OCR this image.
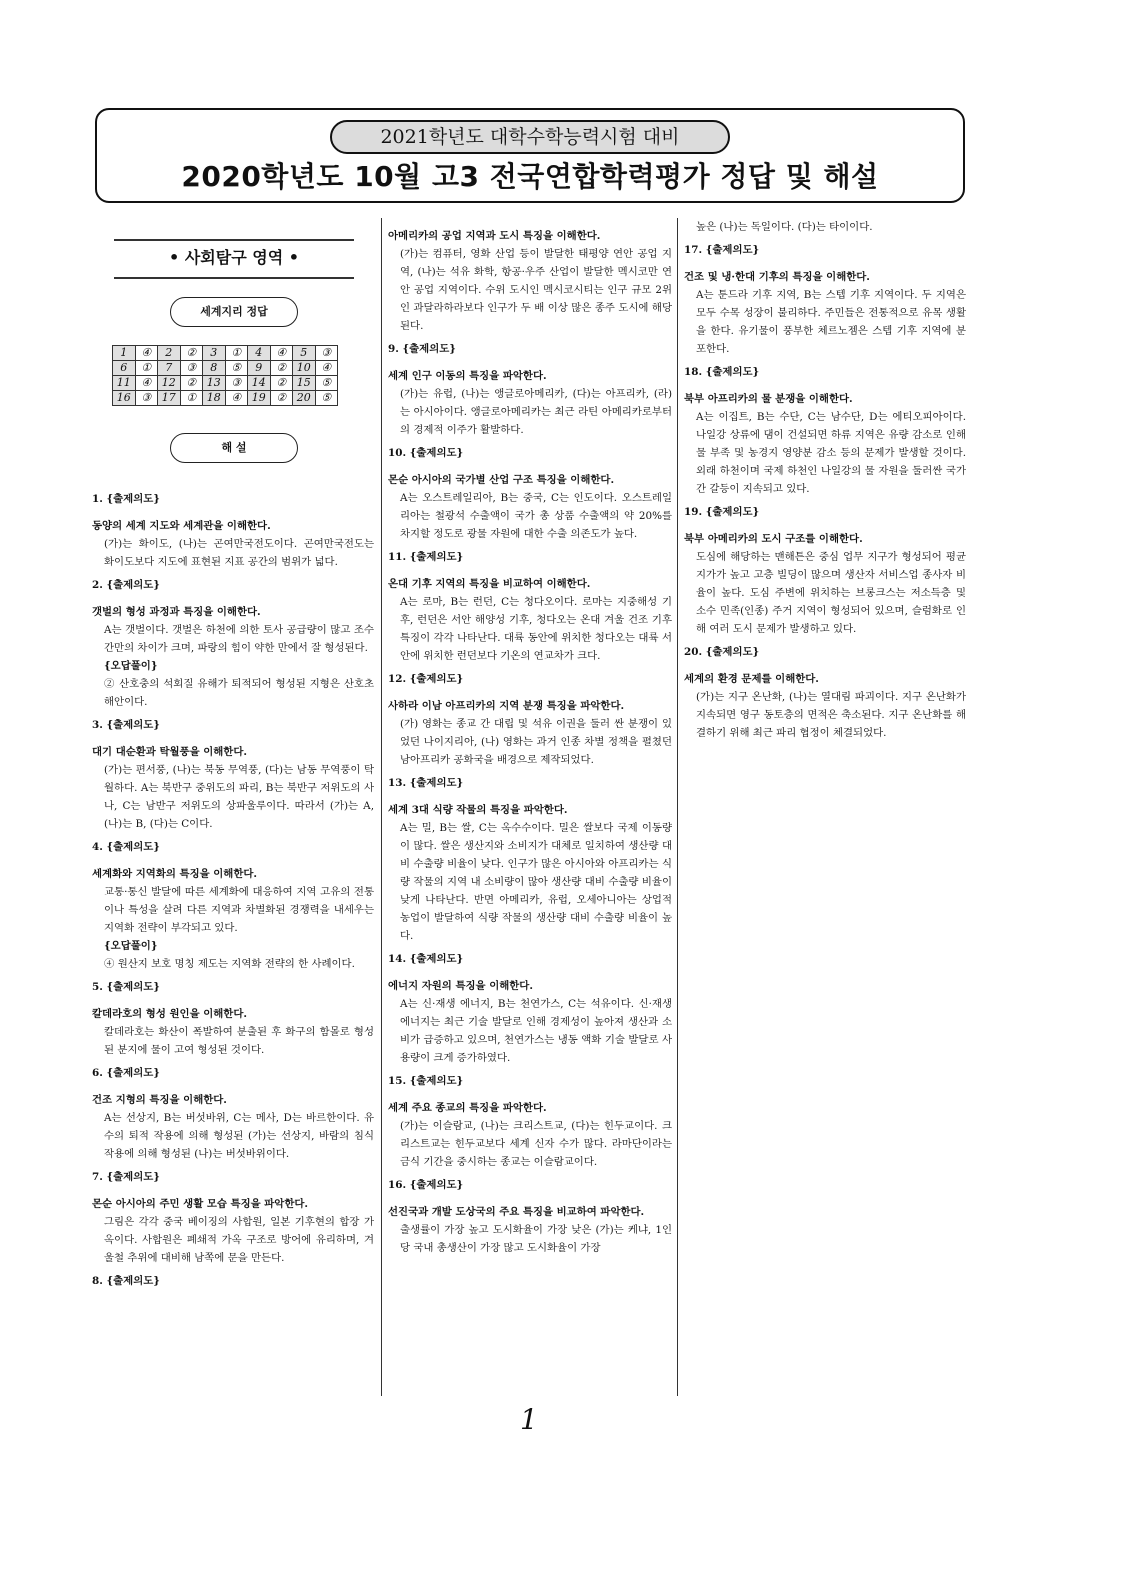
2021학년도 대학수학능력시험 대비
2020학년도 10월 고3 전국연합학력평가 정답 및 해설
• 사회탐구 영역 •
세계지리 정답
1	④	2	②	3	①	4	④	5	③
6	①	7	③	8	⑤	9	②	10	④
11	④	12	②	13	③	14	②	15	⑤
16	③	17	①	18	④	19	②	20	⑤
해 설
1. {출제의도}
동양의 세계 지도와 세계관을 이해한다.
(가)는 화이도, (나)는 곤여만국전도이다. 곤여만국전도는 화이도보다 지도에 표현된 지표 공간의 범위가 넓다.
2. {출제의도}
갯벌의 형성 과정과 특징을 이해한다.
A는 갯벌이다. 갯벌은 하천에 의한 토사 공급량이 많고 조수 간만의 차이가 크며, 파랑의 힘이 약한 만에서 잘 형성된다.
{오답풀이}
② 산호충의 석회질 유해가 퇴적되어 형성된 지형은 산호초 해안이다.
3. {출제의도}
대기 대순환과 탁월풍을 이해한다.
(가)는 편서풍, (나)는 북동 무역풍, (다)는 남동 무역풍이 탁월하다. A는 북반구 중위도의 파리, B는 북반구 저위도의 사나, C는 남반구 저위도의 상파울루이다. 따라서 (가)는 A, (나)는 B, (다)는 C이다.
4. {출제의도}
세계화와 지역화의 특징을 이해한다.
교통·통신 발달에 따른 세계화에 대응하여 지역 고유의 전통이나 특성을 살려 다른 지역과 차별화된 경쟁력을 내세우는 지역화 전략이 부각되고 있다.
{오답풀이}
④ 원산지 보호 명칭 제도는 지역화 전략의 한 사례이다.
5. {출제의도}
칼데라호의 형성 원인을 이해한다.
칼데라호는 화산이 폭발하여 분출된 후 화구의 함몰로 형성된 분지에 물이 고여 형성된 것이다.
6. {출제의도}
건조 지형의 특징을 이해한다.
A는 선상지, B는 버섯바위, C는 메사, D는 바르한이다. 유수의 퇴적 작용에 의해 형성된 (가)는 선상지, 바람의 침식 작용에 의해 형성된 (나)는 버섯바위이다.
7. {출제의도}
몬순 아시아의 주민 생활 모습 특징을 파악한다.
그림은 각각 중국 베이징의 사합원, 일본 기후현의 합장 가옥이다. 사합원은 폐쇄적 가옥 구조로 방어에 유리하며, 겨울철 추위에 대비해 남쪽에 문을 만든다.
8. {출제의도}
아메리카의 공업 지역과 도시 특징을 이해한다.
(가)는 컴퓨터, 영화 산업 등이 발달한 태평양 연안 공업 지역, (나)는 석유 화학, 항공·우주 산업이 발달한 멕시코만 연안 공업 지역이다. 수위 도시인 멕시코시티는 인구 규모 2위인 과달라하라보다 인구가 두 배 이상 많은 종주 도시에 해당된다.
9. {출제의도}
세계 인구 이동의 특징을 파악한다.
(가)는 유럽, (나)는 앵글로아메리카, (다)는 아프리카, (라)는 아시아이다. 앵글로아메리카는 최근 라틴 아메리카로부터의 경제적 이주가 활발하다.
10. {출제의도}
몬순 아시아의 국가별 산업 구조 특징을 이해한다.
A는 오스트레일리아, B는 중국, C는 인도이다. 오스트레일리아는 철광석 수출액이 국가 총 상품 수출액의 약 20%를 차지할 정도로 광물 자원에 대한 수출 의존도가 높다.
11. {출제의도}
온대 기후 지역의 특징을 비교하여 이해한다.
A는 로마, B는 런던, C는 청다오이다. 로마는 지중해성 기후, 런던은 서안 해양성 기후, 청다오는 온대 겨울 건조 기후 특징이 각각 나타난다. 대륙 동안에 위치한 청다오는 대륙 서안에 위치한 런던보다 기온의 연교차가 크다.
12. {출제의도}
사하라 이남 아프리카의 지역 분쟁 특징을 파악한다.
(가) 영화는 종교 간 대립 및 석유 이권을 둘러 싼 분쟁이 있었던 나이지리아, (나) 영화는 과거 인종 차별 정책을 펼쳤던 남아프리카 공화국을 배경으로 제작되었다.
13. {출제의도}
세계 3대 식량 작물의 특징을 파악한다.
A는 밀, B는 쌀, C는 옥수수이다. 밀은 쌀보다 국제 이동량이 많다. 쌀은 생산지와 소비지가 대체로 일치하여 생산량 대비 수출량 비율이 낮다. 인구가 많은 아시아와 아프리카는 식량 작물의 지역 내 소비량이 많아 생산량 대비 수출량 비율이 낮게 나타난다. 반면 아메리카, 유럽, 오세아니아는 상업적 농업이 발달하여 식량 작물의 생산량 대비 수출량 비율이 높다.
14. {출제의도}
에너지 자원의 특징을 이해한다.
A는 신·재생 에너지, B는 천연가스, C는 석유이다. 신·재생 에너지는 최근 기술 발달로 인해 경제성이 높아져 생산과 소비가 급증하고 있으며, 천연가스는 냉동 액화 기술 발달로 사용량이 크게 증가하였다.
15. {출제의도}
세계 주요 종교의 특징을 파악한다.
(가)는 이슬람교, (나)는 크리스트교, (다)는 힌두교이다. 크리스트교는 힌두교보다 세계 신자 수가 많다. 라마단이라는 금식 기간을 중시하는 종교는 이슬람교이다.
16. {출제의도}
선진국과 개발 도상국의 주요 특징을 비교하여 파악한다.
출생률이 가장 높고 도시화율이 가장 낮은 (가)는 케냐, 1인당 국내 총생산이 가장 많고 도시화율이 가장
높은 (나)는 독일이다. (다)는 타이이다.
17. {출제의도}
건조 및 냉·한대 기후의 특징을 이해한다.
A는 툰드라 기후 지역, B는 스텝 기후 지역이다. 두 지역은 모두 수목 성장이 불리하다. 주민들은 전통적으로 유목 생활을 한다. 유기물이 풍부한 체르노젬은 스텝 기후 지역에 분포한다.
18. {출제의도}
북부 아프리카의 물 분쟁을 이해한다.
A는 이집트, B는 수단, C는 남수단, D는 에티오피아이다. 나일강 상류에 댐이 건설되면 하류 지역은 유량 감소로 인해 물 부족 및 농경지 영양분 감소 등의 문제가 발생할 것이다. 외래 하천이며 국제 하천인 나일강의 물 자원을 둘러싼 국가 간 갈등이 지속되고 있다.
19. {출제의도}
북부 아메리카의 도시 구조를 이해한다.
도심에 해당하는 맨해튼은 중심 업무 지구가 형성되어 평균 지가가 높고 고층 빌딩이 많으며 생산자 서비스업 종사자 비율이 높다. 도심 주변에 위치하는 브롱크스는 저소득층 및 소수 민족(인종) 주거 지역이 형성되어 있으며, 슬럼화로 인해 여러 도시 문제가 발생하고 있다.
20. {출제의도}
세계의 환경 문제를 이해한다.
(가)는 지구 온난화, (나)는 열대림 파괴이다. 지구 온난화가 지속되면 영구 동토층의 면적은 축소된다. 지구 온난화를 해결하기 위해 최근 파리 협정이 체결되었다.
1
